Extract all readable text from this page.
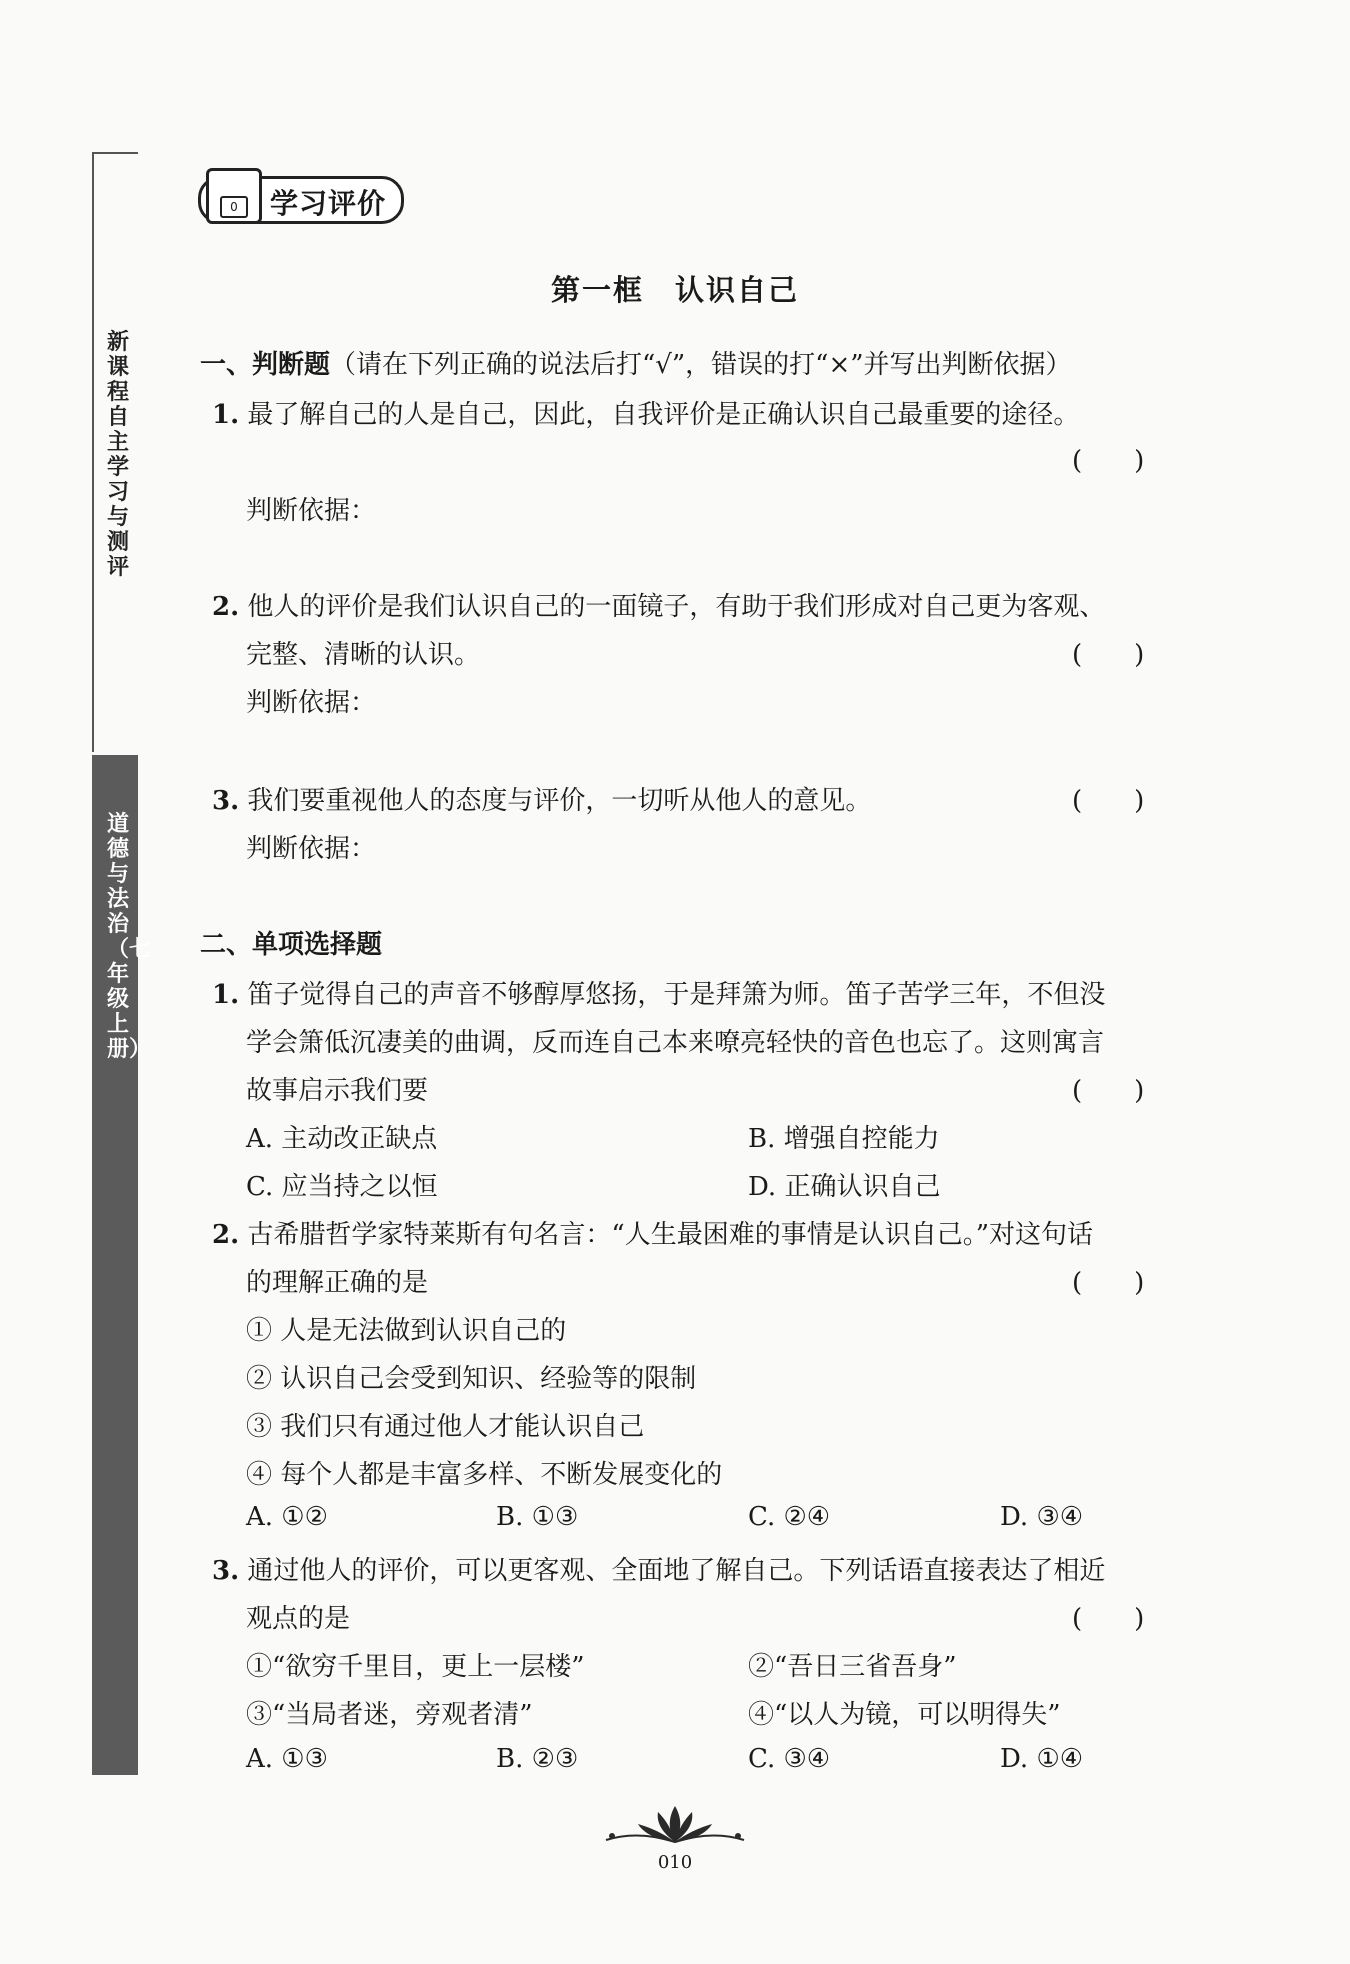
新课程自主学习与测评
道德与法治（七年级上册）
0	学习评价
第一框　认识自己
一、判断题（请在下列正确的说法后打“√”，错误的打“×”并写出判断依据）
1. 最了解自己的人是自己，因此，自我评价是正确认识自己最重要的途径。
(　　)
判断依据：
2. 他人的评价是我们认识自己的一面镜子，有助于我们形成对自己更为客观、
完整、清晰的认识。	(　　)
判断依据：
3. 我们要重视他人的态度与评价，一切听从他人的意见。	(　　)
判断依据：
二、单项选择题
1. 笛子觉得自己的声音不够醇厚悠扬，于是拜箫为师。笛子苦学三年，不但没
学会箫低沉凄美的曲调，反而连自己本来嘹亮轻快的音色也忘了。这则寓言
故事启示我们要	(　　)
A. 主动改正缺点	B. 增强自控能力
C. 应当持之以恒	D. 正确认识自己
2. 古希腊哲学家特莱斯有句名言：“人生最困难的事情是认识自己。”对这句话
的理解正确的是	(　　)
① 人是无法做到认识自己的
② 认识自己会受到知识、经验等的限制
③ 我们只有通过他人才能认识自己
④ 每个人都是丰富多样、不断发展变化的
A. ①②	B. ①③	C. ②④	D. ③④
3. 通过他人的评价，可以更客观、全面地了解自己。下列话语直接表达了相近
观点的是	(　　)
①“欲穷千里目，更上一层楼”	②“吾日三省吾身”
③“当局者迷，旁观者清”	④“以人为镜，可以明得失”
A. ①③	B. ②③	C. ③④	D. ①④
010
